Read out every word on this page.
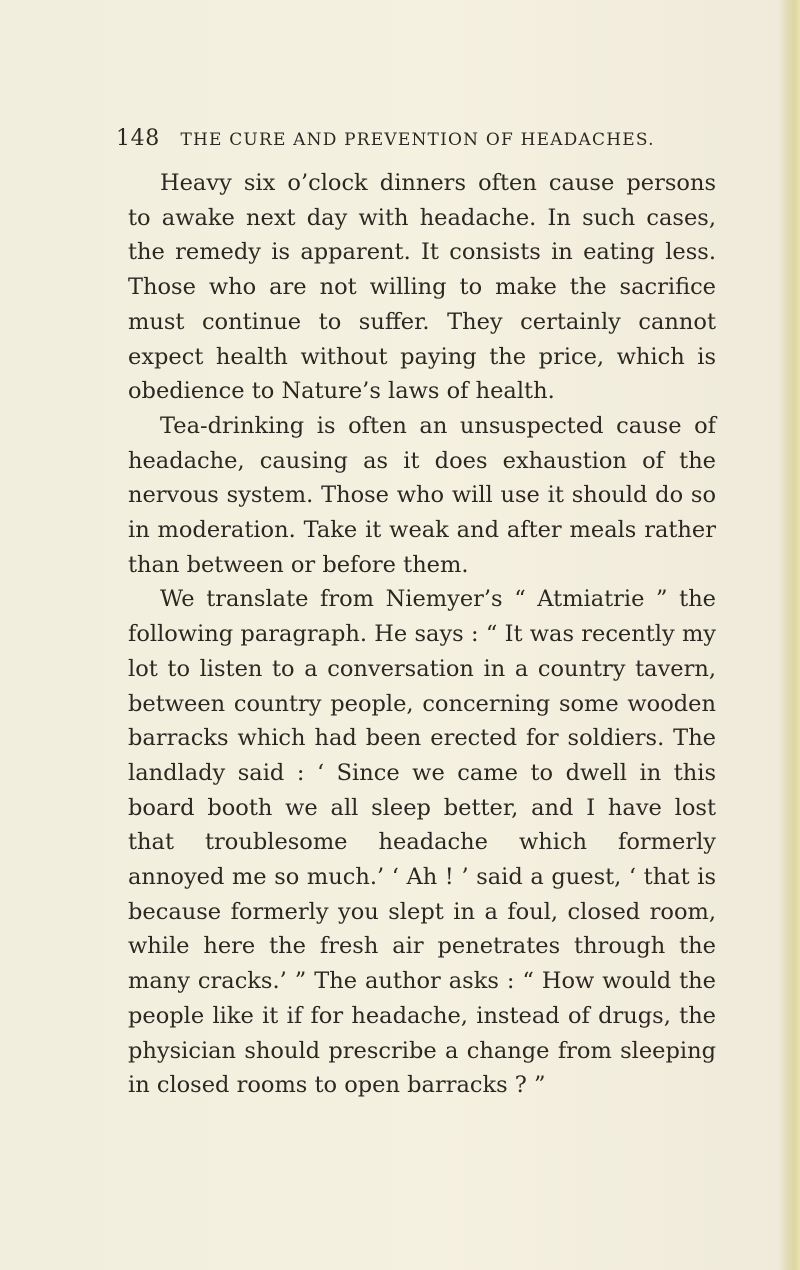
148 THE CURE AND PREVENTION OF HEADACHES.

Heavy six o’clock dinners often cause persons to awake next day with headache. In such cases, the remedy is apparent. It consists in eating less. Those who are not willing to make the sacrifice must continue to suffer. They certainly cannot expect health without paying the price, which is obedience to Nature’s laws of health.

Tea-drinking is often an unsuspected cause of headache, causing as it does exhaustion of the nervous system. Those who will use it should do so in moderation. Take it weak and after meals rather than between or before them.

We translate from Niemyer’s “ Atmiatrie ” the following paragraph. He says : “ It was recently my lot to listen to a conversation in a country tavern, between country people, concerning some wooden barracks which had been erected for soldiers. The landlady said : ‘ Since we came to dwell in this board booth we all sleep better, and I have lost that troublesome headache which formerly annoyed me so much.’ ‘ Ah ! ’ said a guest, ‘ that is because formerly you slept in a foul, closed room, while here the fresh air penetrates through the many cracks.’ ” The author asks : “ How would the people like it if for headache, instead of drugs, the physician should prescribe a change from sleeping in closed rooms to open barracks ? ”
